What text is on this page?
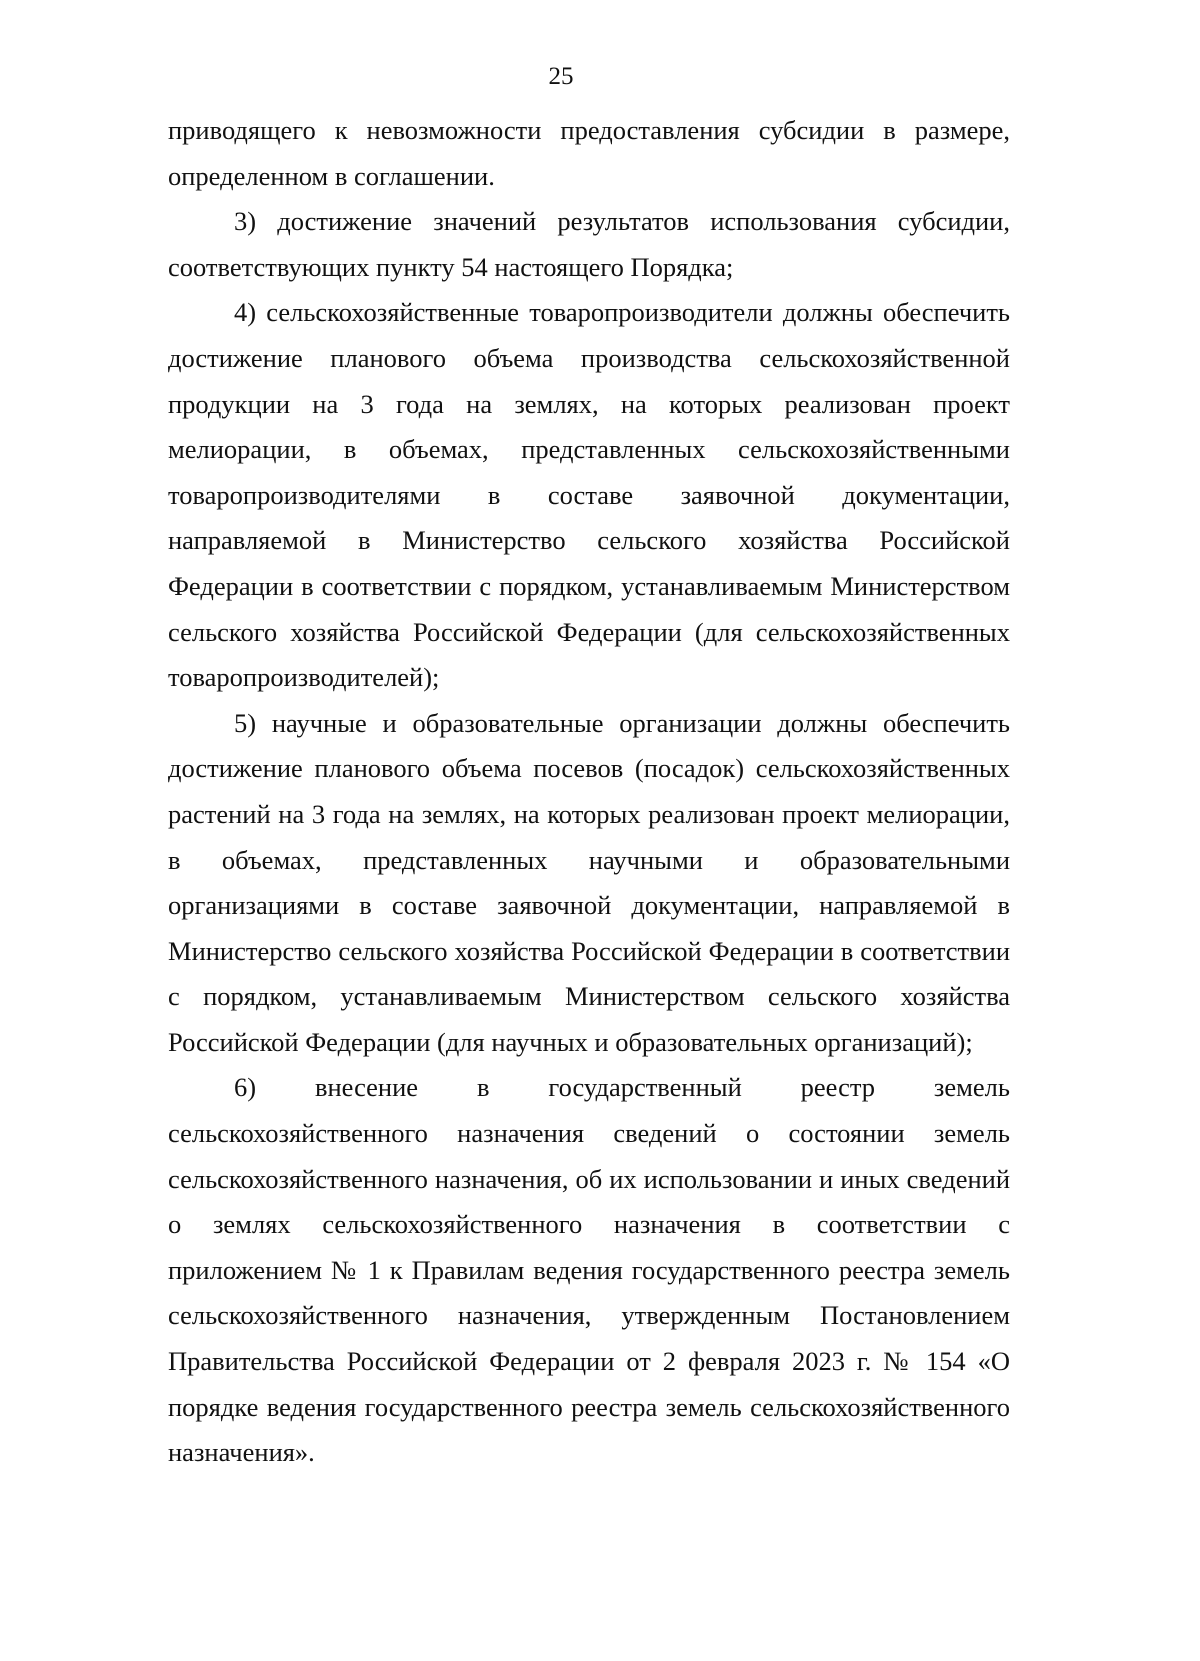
25

приводящего к невозможности предоставления субсидии в размере, определенном в соглашении.

3) достижение значений результатов использования субсидии, соответствующих пункту 54 настоящего Порядка;

4) сельскохозяйственные товаропроизводители должны обеспечить достижение планового объема производства сельскохозяйственной продукции на 3 года на землях, на которых реализован проект мелиорации, в объемах, представленных сельскохозяйственными товаропроизводителями в составе заявочной документации, направляемой в Министерство сельского хозяйства Российской Федерации в соответствии с порядком, устанавливаемым Министерством сельского хозяйства Российской Федерации (для сельскохозяйственных товаропроизводителей);

5) научные и образовательные организации должны обеспечить достижение планового объема посевов (посадок) сельскохозяйственных растений на 3 года на землях, на которых реализован проект мелиорации, в объемах, представленных научными и образовательными организациями в составе заявочной документации, направляемой в Министерство сельского хозяйства Российской Федерации в соответствии с порядком, устанавливаемым Министерством сельского хозяйства Российской Федерации (для научных и образовательных организаций);

6) внесение в государственный реестр земель сельскохозяйственного назначения сведений о состоянии земель сельскохозяйственного назначения, об их использовании и иных сведений о землях сельскохозяйственного назначения в соответствии с приложением № 1 к Правилам ведения государственного реестра земель сельскохозяйственного назначения, утвержденным Постановлением Правительства Российской Федерации от 2 февраля 2023 г. № 154 «О порядке ведения государственного реестра земель сельскохозяйственного назначения».
